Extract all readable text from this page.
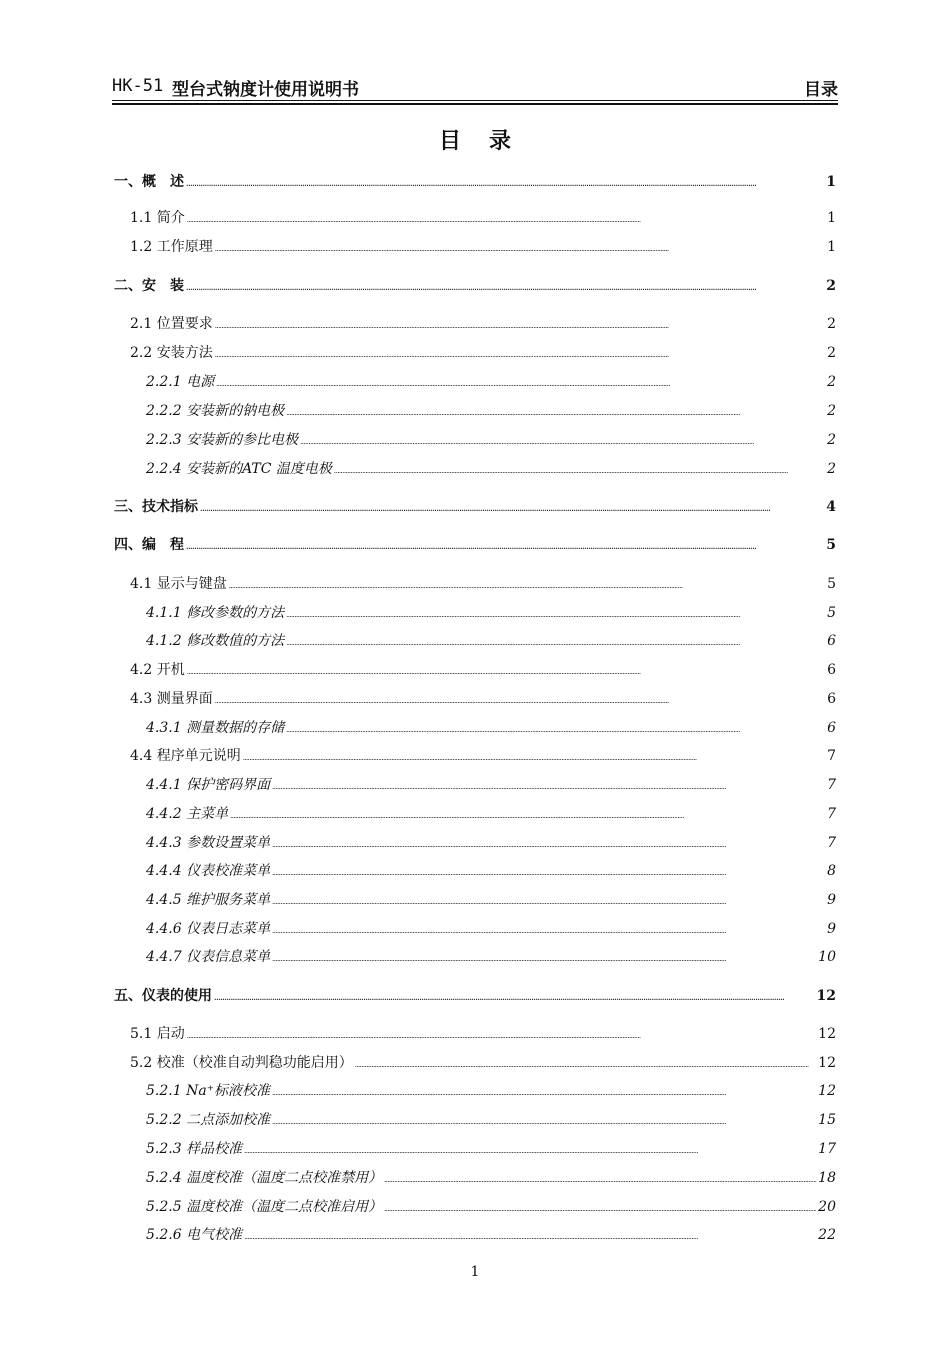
HK-51 型台式钠度计使用说明书	目录
目录
一、概　述 . . .	1
1.1 简介 . . .	1
1.2 工作原理 . . .	1
二、安　装 . . .	2
2.1 位置要求 . . .	2
2.2 安装方法 . . .	2
2.2.1 电源 . . .	2
2.2.2 安装新的钠电极 . . .	2
2.2.3 安装新的参比电极 . . .	2
2.2.4 安装新的ATC 温度电极 . . .	2
三、技术指标 . . .	4
四、编　程 . . .	5
4.1 显示与键盘 . . .	5
4.1.1 修改参数的方法 . . .	5
4.1.2 修改数值的方法 . . .	6
4.2 开机 . . .	6
4.3 测量界面 . . .	6
4.3.1 测量数据的存储 . . .	6
4.4 程序单元说明 . . .	7
4.4.1 保护密码界面 . . .	7
4.4.2 主菜单 . . .	7
4.4.3 参数设置菜单 . . .	7
4.4.4 仪表校准菜单 . . .	8
4.4.5 维护服务菜单 . . .	9
4.4.6 仪表日志菜单 . . .	9
4.4.7 仪表信息菜单 . . .	10
五、仪表的使用 . . .	12
5.1 启动 . . .	12
5.2 校准（校准自动判稳功能启用） . . .	12
5.2.1 Na⁺标液校准 . . .	12
5.2.2 二点添加校准 . . .	15
5.2.3 样品校准 . . .	17
5.2.4 温度校准（温度二点校准禁用） . . .	18
5.2.5 温度校准（温度二点校准启用） . . .	20
5.2.6 电气校准 . . .	22
1
